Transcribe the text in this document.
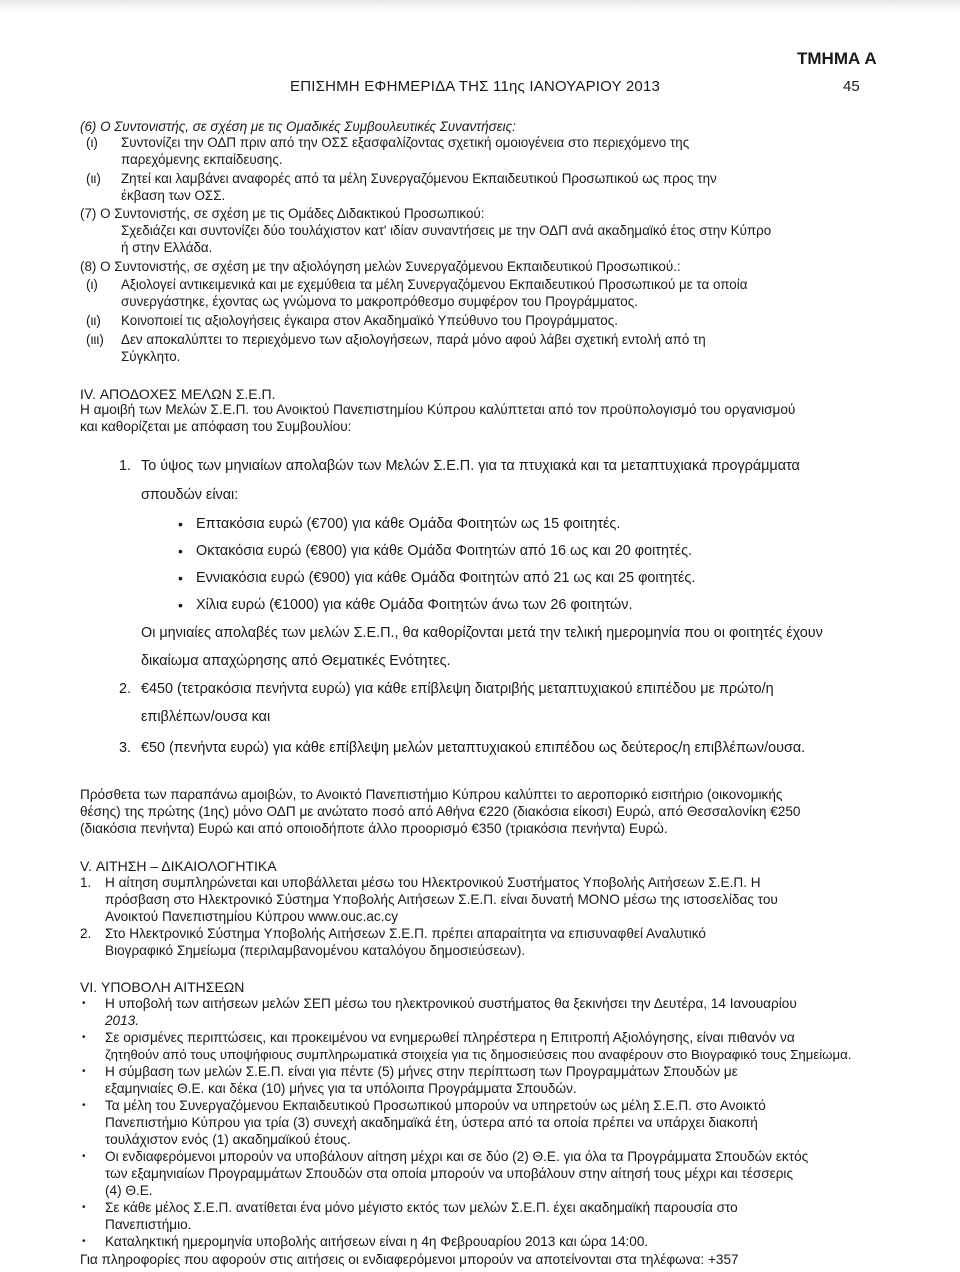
ΤΜΗΜΑ Α
ΕΠΙΣΗΜΗ ΕΦΗΜΕΡΙΔΑ ΤΗΣ 11ης ΙΑΝΟΥΑΡΙΟΥ 2013	45
(6) Ο Συντονιστής, σε σχέση με τις Ομαδικές Συμβουλευτικές Συναντήσεις:
(ι) Συντονίζει την ΟΔΠ πριν από την ΟΣΣ εξασφαλίζοντας σχετική ομοιογένεια στο περιεχόμενο της
παρεχόμενης εκπαίδευσης.
(ιι) Ζητεί και λαμβάνει αναφορές από τα μέλη Συνεργαζόμενου Εκπαιδευτικού Προσωπικού ως προς την
έκβαση των ΟΣΣ.
(7) Ο Συντονιστής, σε σχέση με τις Ομάδες Διδακτικού Προσωπικού:
Σχεδιάζει και συντονίζει δύο τουλάχιστον κατ' ιδίαν συναντήσεις με την ΟΔΠ ανά ακαδημαϊκό έτος στην Κύπρο
ή στην Ελλάδα.
(8) Ο Συντονιστής, σε σχέση με την αξιολόγηση μελών Συνεργαζόμενου Εκπαιδευτικού Προσωπικού.:
(ι) Αξιολογεί αντικειμενικά και με εχεμύθεια τα μέλη Συνεργαζόμενου Εκπαιδευτικού Προσωπικού με τα οποία
συνεργάστηκε, έχοντας ως γνώμονα το μακροπρόθεσμο συμφέρον του Προγράμματος.
(ιι) Κοινοποιεί τις αξιολογήσεις έγκαιρα στον Ακαδημαϊκό Υπεύθυνο του Προγράμματος.
(ιιι) Δεν αποκαλύπτει το περιεχόμενο των αξιολογήσεων, παρά μόνο αφού λάβει σχετική εντολή από τη
Σύγκλητο.
IV. ΑΠΟΔΟΧΕΣ ΜΕΛΩΝ Σ.Ε.Π.
Η αμοιβή των Μελών Σ.Ε.Π. του Ανοικτού Πανεπιστημίου Κύπρου καλύπτεται από τον προϋπολογισμό του οργανισμού
και καθορίζεται με απόφαση του Συμβουλίου:
1. Το ύψος των μηνιαίων απολαβών των Μελών Σ.Ε.Π. για τα πτυχιακά και τα μεταπτυχιακά προγράμματα
σπουδών είναι:
• Επτακόσια ευρώ (€700) για κάθε Ομάδα Φοιτητών ως 15 φοιτητές.
• Οκτακόσια ευρώ (€800) για κάθε Ομάδα Φοιτητών από 16 ως και 20 φοιτητές.
• Εννιακόσια ευρώ (€900) για κάθε Ομάδα Φοιτητών από 21 ως και 25 φοιτητές.
• Χίλια ευρώ (€1000) για κάθε Ομάδα Φοιτητών άνω των 26 φοιτητών.
Οι μηνιαίες απολαβές των μελών Σ.Ε.Π., θα καθορίζονται μετά την τελική ημερομηνία που οι φοιτητές έχουν
δικαίωμα απαχώρησης από Θεματικές Ενότητες.
2. €450 (τετρακόσια πενήντα ευρώ) για κάθε επίβλεψη διατριβής μεταπτυχιακού επιπέδου με πρώτο/η
επιβλέπων/ουσα και
3. €50 (πενήντα ευρώ) για κάθε επίβλεψη μελών μεταπτυχιακού επιπέδου ως δεύτερος/η επιβλέπων/ουσα.
Πρόσθετα των παραπάνω αμοιβών, το Ανοικτό Πανεπιστήμιο Κύπρου καλύπτει το αεροπορικό εισιτήριο (οικονομικής
θέσης) της πρώτης (1ης) μόνο ΟΔΠ με ανώτατο ποσό από Αθήνα €220 (διακόσια είκοσι) Ευρώ, από Θεσσαλονίκη €250
(διακόσια πενήντα) Ευρώ και από οποιοδήποτε άλλο προορισμό €350 (τριακόσια πενήντα) Ευρώ.
V. ΑΙΤΗΣΗ – ΔΙΚΑΙΟΛΟΓΗΤΙΚΑ
1. Η αίτηση συμπληρώνεται και υποβάλλεται μέσω του Ηλεκτρονικού Συστήματος Υποβολής Αιτήσεων Σ.Ε.Π. Η
πρόσβαση στο Ηλεκτρονικό Σύστημα Υποβολής Αιτήσεων Σ.Ε.Π. είναι δυνατή ΜΟΝΟ μέσω της ιστοσελίδας του
Ανοικτού Πανεπιστημίου Κύπρου www.ouc.ac.cy
2. Στο Ηλεκτρονικό Σύστημα Υποβολής Αιτήσεων Σ.Ε.Π. πρέπει απαραίτητα να επισυναφθεί Αναλυτικό
Βιογραφικό Σημείωμα (περιλαμβανομένου καταλόγου δημοσιεύσεων).
VI. ΥΠΟΒΟΛΗ ΑΙΤΗΣΕΩΝ
• Η υποβολή των αιτήσεων μελών ΣΕΠ μέσω του ηλεκτρονικού συστήματος θα ξεκινήσει την Δευτέρα, 14 Ιανουαρίου
2013.
• Σε ορισμένες περιπτώσεις, και προκειμένου να ενημερωθεί πληρέστερα η Επιτροπή Αξιολόγησης, είναι πιθανόν να
ζητηθούν από τους υποψήφιους συμπληρωματικά στοιχεία για τις δημοσιεύσεις που αναφέρουν στο Βιογραφικό τους Σημείωμα.
• Η σύμβαση των μελών Σ.Ε.Π. είναι για πέντε (5) μήνες στην περίπτωση των Προγραμμάτων Σπουδών με
εξαμηνιαίες Θ.Ε. και δέκα (10) μήνες για τα υπόλοιπα Προγράμματα Σπουδών.
• Τα μέλη του Συνεργαζόμενου Εκπαιδευτικού Προσωπικού μπορούν να υπηρετούν ως μέλη Σ.Ε.Π. στο Ανοικτό
Πανεπιστήμιο Κύπρου για τρία (3) συνεχή ακαδημαϊκά έτη, ύστερα από τα οποία πρέπει να υπάρχει διακοπή
τουλάχιστον ενός (1) ακαδημαϊκού έτους.
• Οι ενδιαφερόμενοι μπορούν να υποβάλουν αίτηση μέχρι και σε δύο (2) Θ.Ε. για όλα τα Προγράμματα Σπουδών εκτός
των εξαμηνιαίων Προγραμμάτων Σπουδών στα οποία μπορούν να υποβάλουν στην αίτησή τους μέχρι και τέσσερις
(4) Θ.Ε.
• Σε κάθε μέλος Σ.Ε.Π. ανατίθεται ένα μόνο μέγιστο εκτός των μελών Σ.Ε.Π. έχει ακαδημαϊκή παρουσία στο
Πανεπιστήμιο.
• Καταληκτική ημερομηνία υποβολής αιτήσεων είναι η 4η Φεβρουαρίου 2013 και ώρα 14:00.
Για πληροφορίες που αφορούν στις αιτήσεις οι ενδιαφερόμενοι μπορούν να αποτείνονται στα τηλέφωνα: +357
